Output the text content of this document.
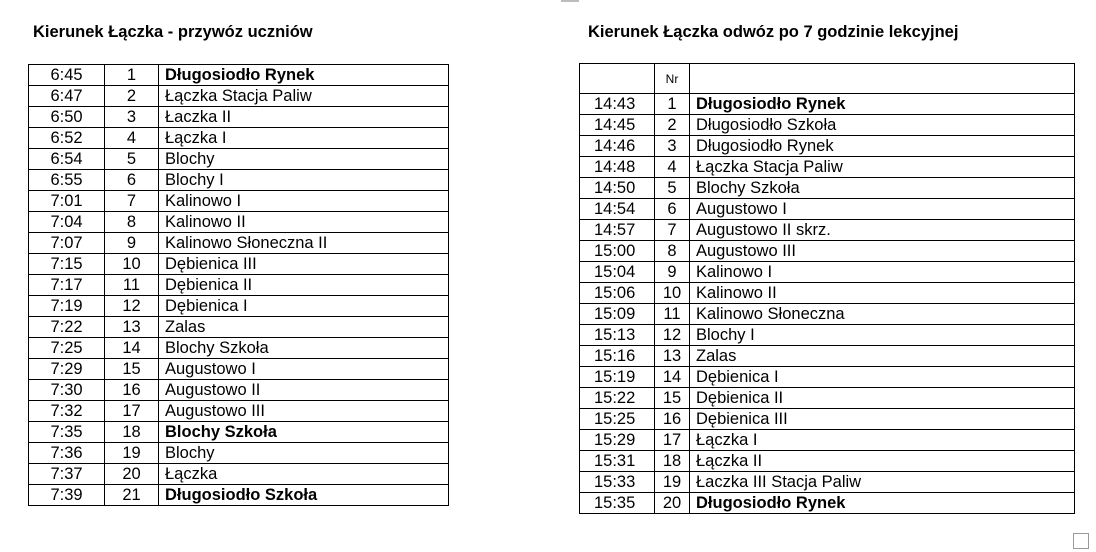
Kierunek Łączka - przywóz uczniów
6:45	1	Długosiodło Rynek
6:47	2	Łączka Stacja Paliw
6:50	3	Łaczka II
6:52	4	Łączka I
6:54	5	Blochy
6:55	6	Blochy I
7:01	7	Kalinowo I
7:04	8	Kalinowo II
7:07	9	Kalinowo Słoneczna II
7:15	10	Dębienica III
7:17	11	Dębienica II
7:19	12	Dębienica I
7:22	13	Zalas
7:25	14	Blochy Szkoła
7:29	15	Augustowo I
7:30	16	Augustowo II
7:32	17	Augustowo III
7:35	18	Blochy Szkoła
7:36	19	Blochy
7:37	20	Łączka
7:39	21	Długosiodło Szkoła
Kierunek Łączka odwóz po 7 godzinie lekcyjnej
	Nr	
14:43	1	Długosiodło Rynek
14:45	2	Długosiodło Szkoła
14:46	3	Długosiodło Rynek
14:48	4	Łączka Stacja Paliw
14:50	5	Blochy Szkoła
14:54	6	Augustowo I
14:57	7	Augustowo II skrz.
15:00	8	Augustowo III
15:04	9	Kalinowo I
15:06	10	Kalinowo II
15:09	11	Kalinowo Słoneczna
15:13	12	Blochy I
15:16	13	Zalas
15:19	14	Dębienica I
15:22	15	Dębienica II
15:25	16	Dębienica III
15:29	17	Łączka I
15:31	18	Łączka II
15:33	19	Łaczka III Stacja Paliw
15:35	20	Długosiodło Rynek
